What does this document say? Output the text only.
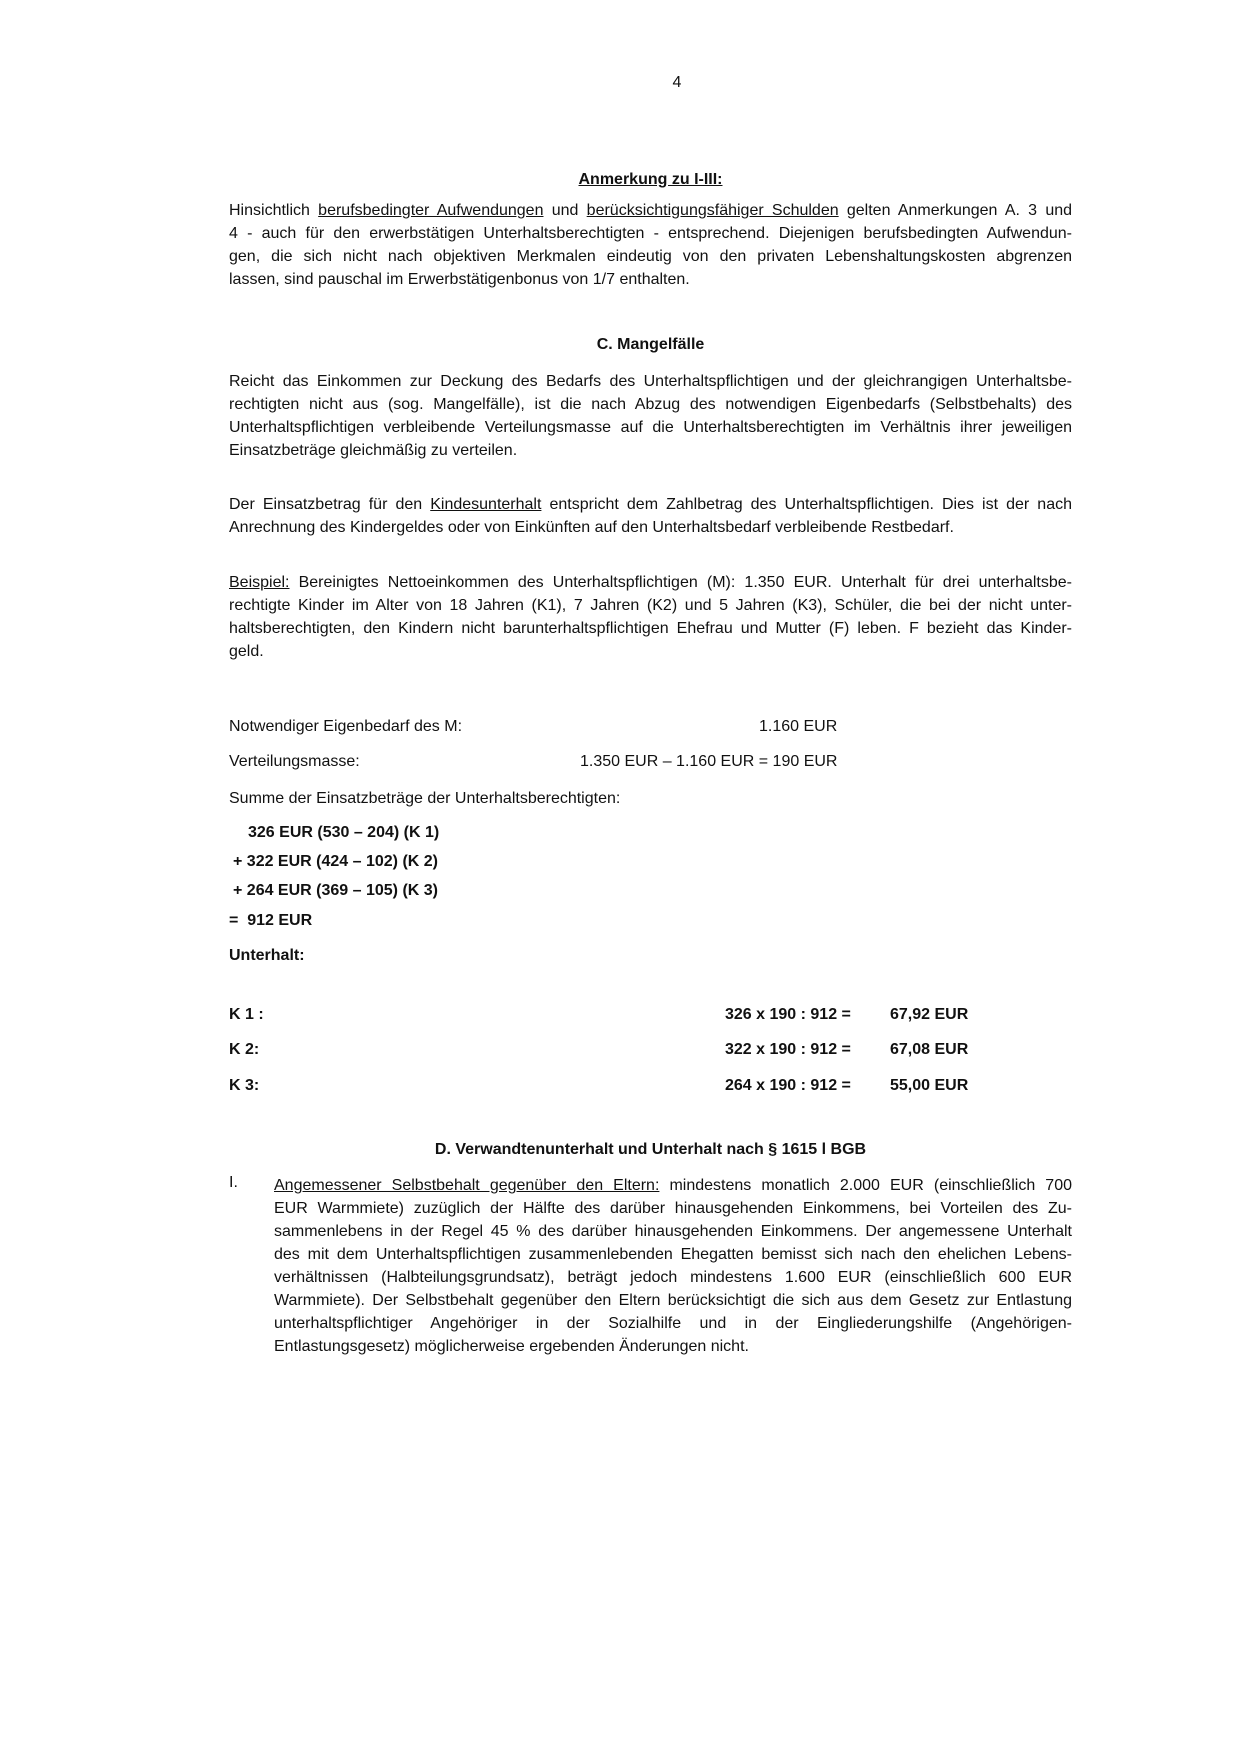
4
Anmerkung zu I-III:
Hinsichtlich berufsbedingter Aufwendungen und berücksichtigungsfähiger Schulden gelten Anmerkungen A. 3 und
4 - auch für den erwerbstätigen Unterhaltsberechtigten - entsprechend. Diejenigen berufsbedingten Aufwendun-
gen, die sich nicht nach objektiven Merkmalen eindeutig von den privaten Lebenshaltungskosten abgrenzen
lassen, sind pauschal im Erwerbstätigenbonus von 1/7 enthalten.
C. Mangelfälle
Reicht das Einkommen zur Deckung des Bedarfs des Unterhaltspflichtigen und der gleichrangigen Unterhaltsbe-
rechtigten nicht aus (sog. Mangelfälle), ist die nach Abzug des notwendigen Eigenbedarfs (Selbstbehalts) des
Unterhaltspflichtigen verbleibende Verteilungsmasse auf die Unterhaltsberechtigten im Verhältnis ihrer jeweiligen
Einsatzbeträge gleichmäßig zu verteilen.
Der Einsatzbetrag für den Kindesunterhalt entspricht dem Zahlbetrag des Unterhaltspflichtigen. Dies ist der nach
Anrechnung des Kindergeldes oder von Einkünften auf den Unterhaltsbedarf verbleibende Restbedarf.
Beispiel: Bereinigtes Nettoeinkommen des Unterhaltspflichtigen (M): 1.350 EUR. Unterhalt für drei unterhaltsbe-
rechtigte Kinder im Alter von 18 Jahren (K1), 7 Jahren (K2) und 5 Jahren (K3), Schüler, die bei der nicht unter-
haltsberechtigten, den Kindern nicht barunterhaltspflichtigen Ehefrau und Mutter (F) leben. F bezieht das Kinder-
geld.
Notwendiger Eigenbedarf des M:	1.160 EUR
Verteilungsmasse:	1.350 EUR – 1.160 EUR = 190 EUR
Summe der Einsatzbeträge der Unterhaltsberechtigten:
326 EUR (530 – 204) (K 1)
+ 322 EUR (424 – 102) (K 2)
+ 264 EUR (369 – 105) (K 3)
=  912 EUR
Unterhalt:
K 1 :	326 x 190 : 912 = 67,92 EUR
K 2:	322 x 190 : 912 = 67,08 EUR
K 3:	264 x 190 : 912 = 55,00 EUR
D. Verwandtenunterhalt und Unterhalt nach § 1615 l BGB
I. Angemessener Selbstbehalt gegenüber den Eltern: mindestens monatlich 2.000 EUR (einschließlich 700
EUR Warmmiete) zuzüglich der Hälfte des darüber hinausgehenden Einkommens, bei Vorteilen des Zu-
sammenlebens in der Regel 45 % des darüber hinausgehenden Einkommens. Der angemessene Unterhalt
des mit dem Unterhaltspflichtigen zusammenlebenden Ehegatten bemisst sich nach den ehelichen Lebens-
verhältnissen (Halbteilungsgrundsatz), beträgt jedoch mindestens 1.600 EUR (einschließlich 600 EUR
Warmmiete). Der Selbstbehalt gegenüber den Eltern berücksichtigt die sich aus dem Gesetz zur Entlastung
unterhaltspflichtiger Angehöriger in der Sozialhilfe und in der Eingliederungshilfe (Angehörigen-
Entlastungsgesetz) möglicherweise ergebenden Änderungen nicht.
